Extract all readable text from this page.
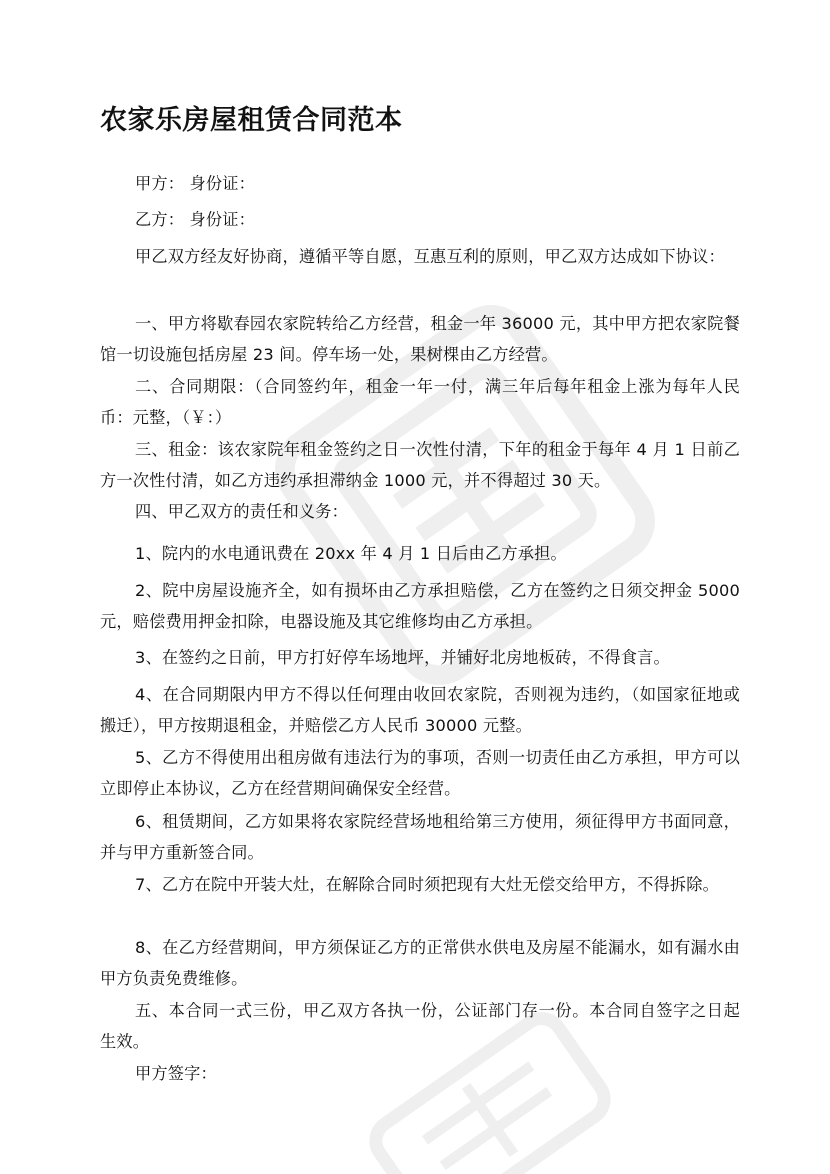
农家乐房屋租赁合同范本
甲方： 身份证：
乙方： 身份证：
甲乙双方经友好协商，遵循平等自愿，互惠互利的原则，甲乙双方达成如下协议：
一、甲方将歇春园农家院转给乙方经营，租金一年 36000 元，其中甲方把农家院餐馆一切设施包括房屋 23 间。停车场一处，果树棵由乙方经营。
二、合同期限：（合同签约年，租金一年一付，满三年后每年租金上涨为每年人民币：元整，（￥：）
三、租金：该农家院年租金签约之日一次性付清，下年的租金于每年 4 月 1 日前乙方一次性付清，如乙方违约承担滞纳金 1000 元，并不得超过 30 天。
四、甲乙双方的责任和义务：
1、院内的水电通讯费在 20xx 年 4 月 1 日后由乙方承担。
2、院中房屋设施齐全，如有损坏由乙方承担赔偿，乙方在签约之日须交押金 5000 元，赔偿费用押金扣除，电器设施及其它维修均由乙方承担。
3、在签约之日前，甲方打好停车场地坪，并铺好北房地板砖，不得食言。
4、在合同期限内甲方不得以任何理由收回农家院，否则视为违约，（如国家征地或搬迁），甲方按期退租金，并赔偿乙方人民币 30000 元整。
5、乙方不得使用出租房做有违法行为的事项，否则一切责任由乙方承担，甲方可以立即停止本协议，乙方在经营期间确保安全经营。
6、租赁期间，乙方如果将农家院经营场地租给第三方使用，须征得甲方书面同意，并与甲方重新签合同。
7、乙方在院中开装大灶，在解除合同时须把现有大灶无偿交给甲方，不得拆除。
8、在乙方经营期间，甲方须保证乙方的正常供水供电及房屋不能漏水，如有漏水由甲方负责免费维修。
五、本合同一式三份，甲乙双方各执一份，公证部门存一份。本合同自签字之日起生效。
甲方签字：
